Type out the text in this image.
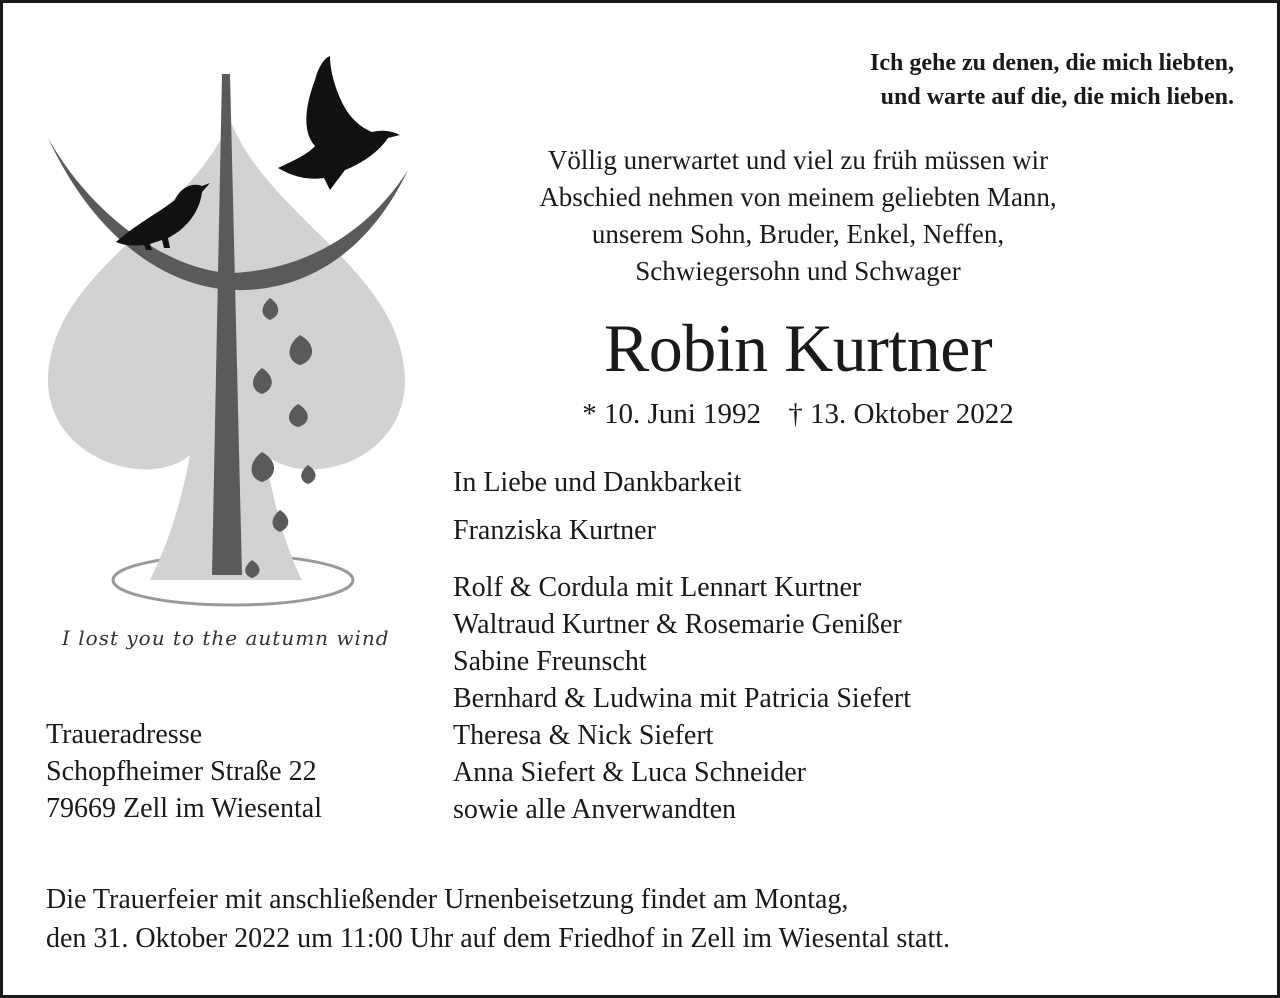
I lost you to the autumn wind
Ich gehe zu denen, die mich liebten,
und warte auf die, die mich lieben.
Völlig unerwartet und viel zu früh müssen wir
Abschied nehmen von meinem geliebten Mann,
unserem Sohn, Bruder, Enkel, Neffen,
Schwiegersohn und Schwager
Robin Kurtner
* 10. Juni 1992 † 13. Oktober 2022
In Liebe und Dankbarkeit
Franziska Kurtner
Rolf & Cordula mit Lennart Kurtner
Waltraud Kurtner & Rosemarie Genißer
Sabine Freunscht
Bernhard & Ludwina mit Patricia Siefert
Theresa & Nick Siefert
Anna Siefert & Luca Schneider
sowie alle Anverwandten
Traueradresse
Schopfheimer Straße 22
79669 Zell im Wiesental
Die Trauerfeier mit anschließender Urnenbeisetzung findet am Montag,
den 31. Oktober 2022 um 11:00 Uhr auf dem Friedhof in Zell im Wiesental statt.
